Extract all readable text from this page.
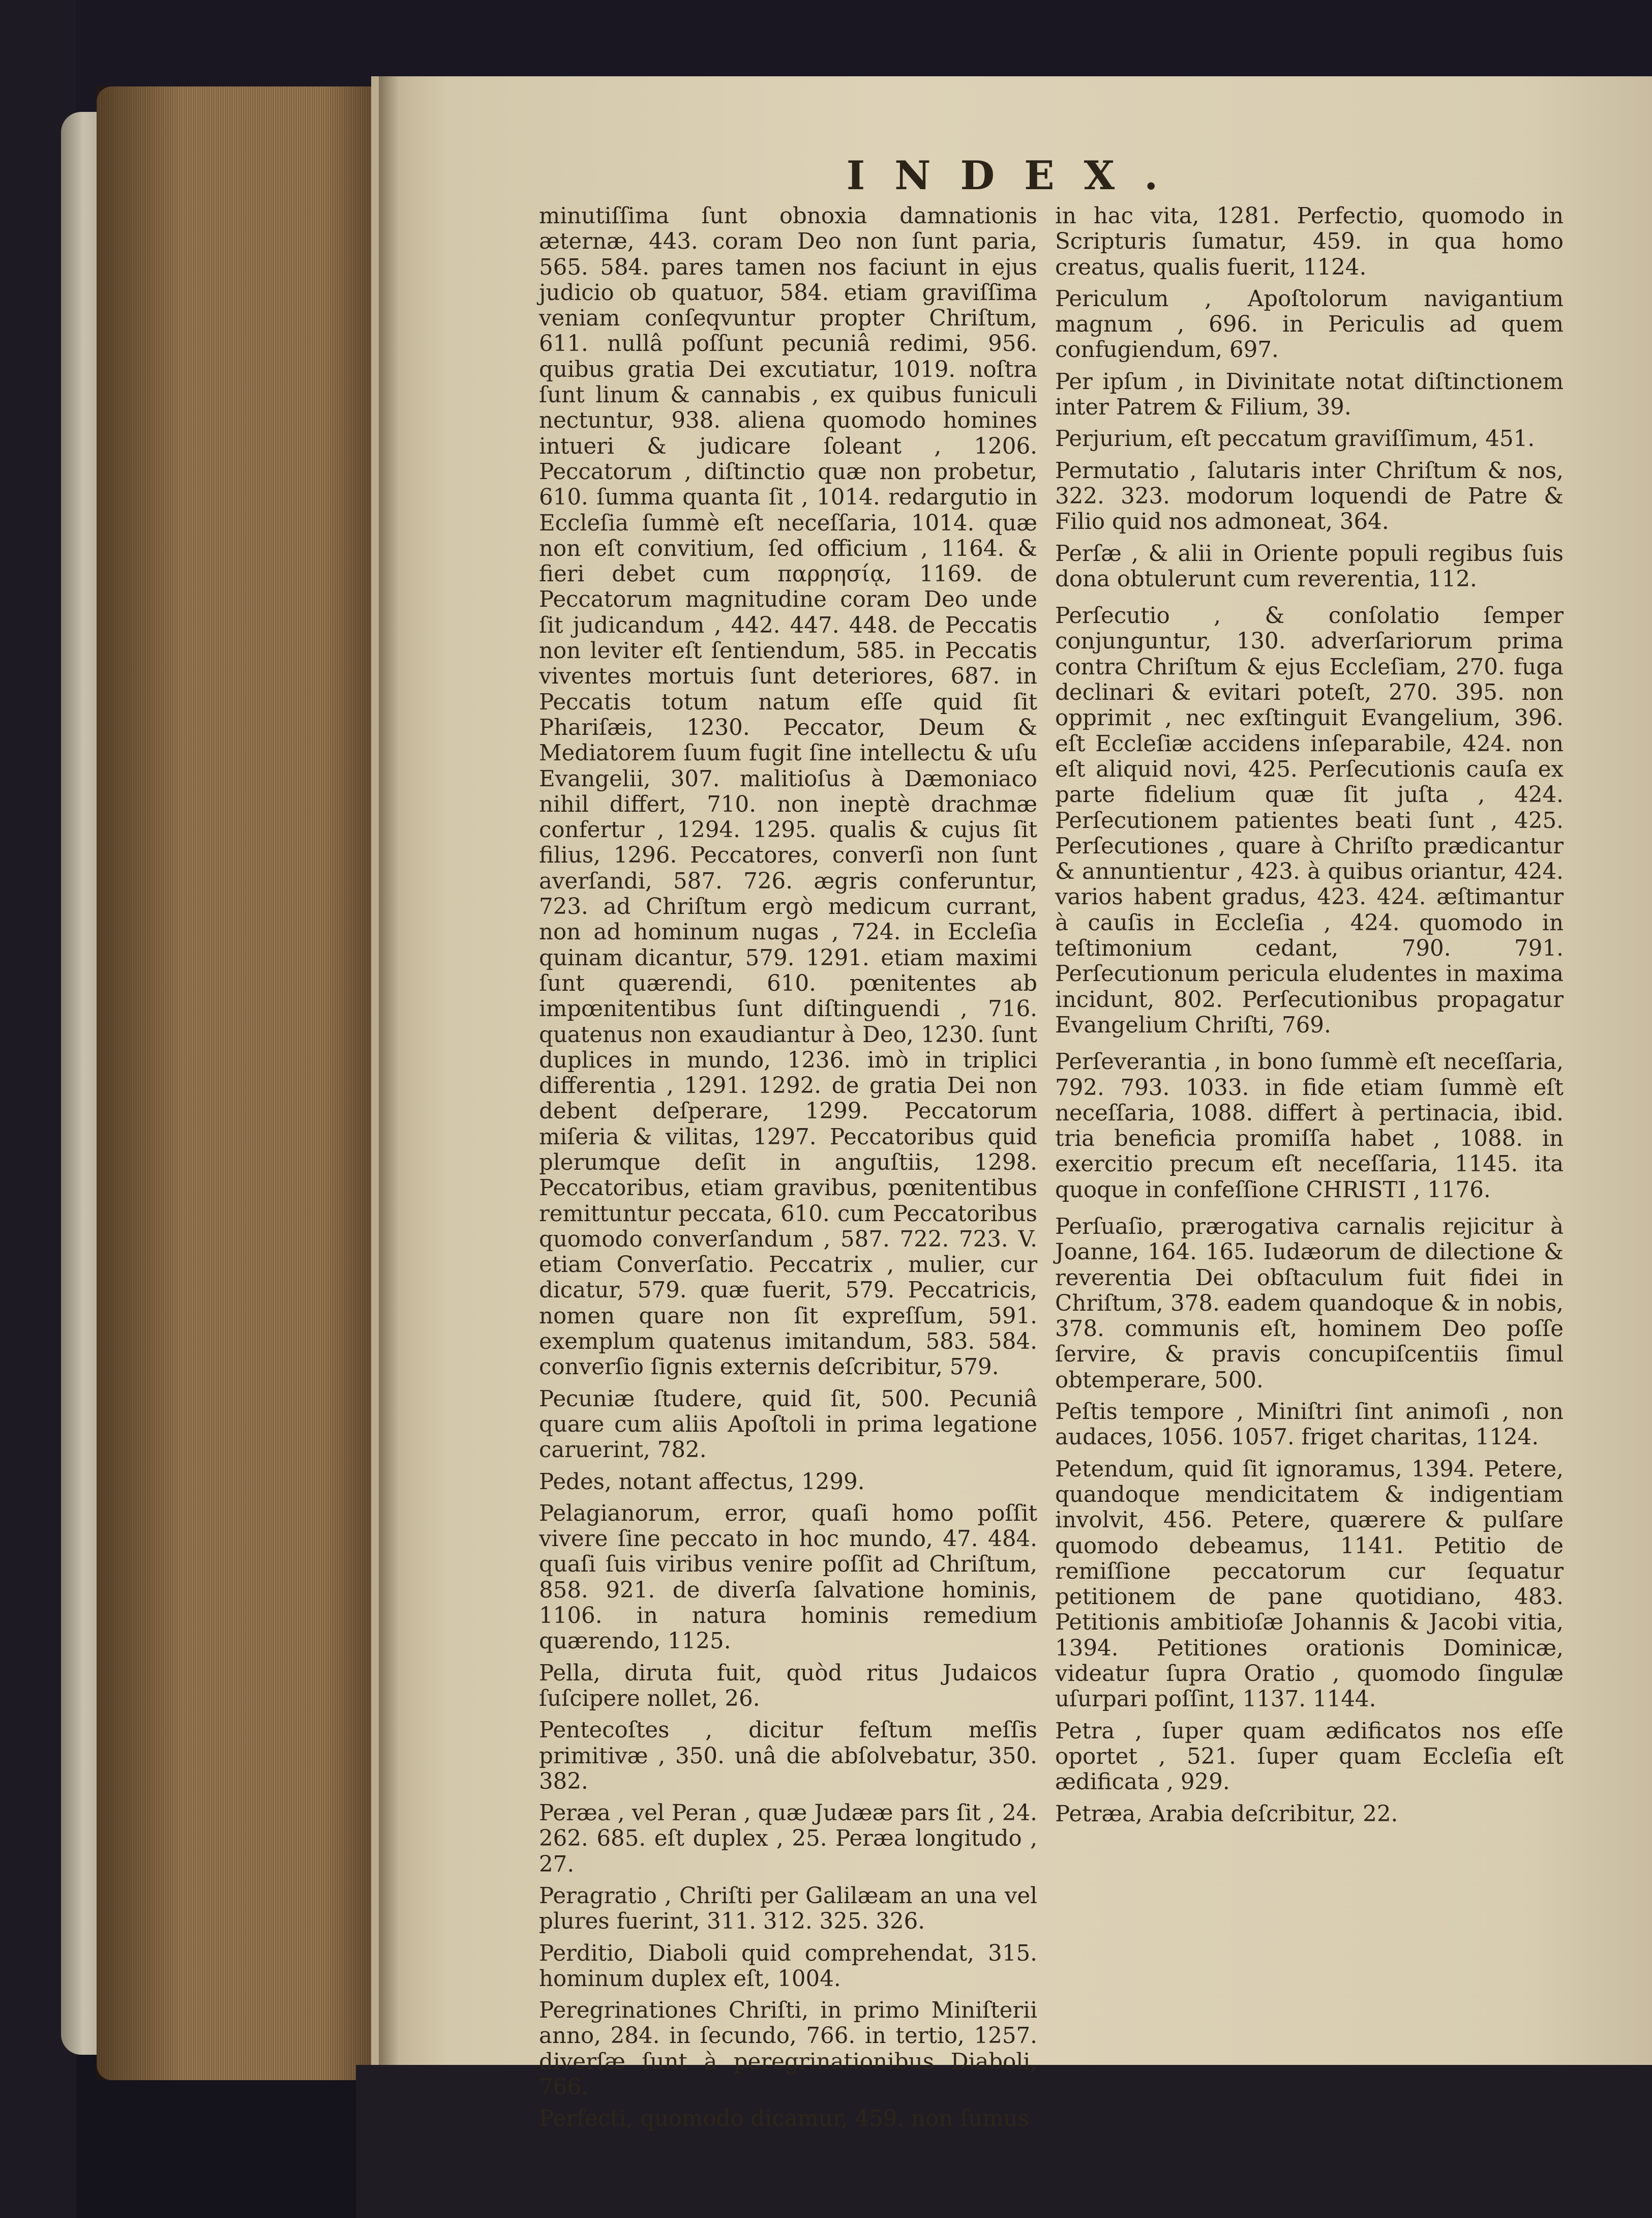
INDEX.

minutiſſima ſunt obnoxia damnationis æternæ, 443. coram Deo non ſunt paria, 565. 584. pares tamen nos faciunt in ejus judicio ob quatuor, 584. etiam graviſſima veniam conſeqvuntur propter Chriſtum, 611. nullâ poſſunt pecuniâ redimi, 956. quibus gratia Dei excutiatur, 1019. noſtra ſunt linum & cannabis , ex quibus funiculi nectuntur, 938. aliena quomodo homines intueri & judicare ſoleant , 1206. Peccatorum , diſtinctio quæ non probetur, 610. ſumma quanta ſit , 1014. redargutio in Eccleſia ſummè eſt neceſſaria, 1014. quæ non eſt convitium, ſed officium , 1164. & fieri debet cum παρρησίᾳ, 1169. de Peccatorum magnitudine coram Deo unde ſit judicandum , 442. 447. 448. de Peccatis non leviter eſt ſentiendum, 585. in Peccatis viventes mortuis ſunt deteriores, 687. in Peccatis totum natum eſſe quid ſit Phariſæis, 1230. Peccator, Deum & Mediatorem ſuum fugit ſine intellectu & uſu Evangelii, 307. malitioſus à Dæmoniaco nihil differt, 710. non ineptè drachmæ confertur , 1294. 1295. qualis & cujus ſit filius, 1296. Peccatores, converſi non ſunt averſandi, 587. 726. ægris conferuntur, 723. ad Chriſtum ergò medicum currant, non ad hominum nugas , 724. in Eccleſia quinam dicantur, 579. 1291. etiam maximi ſunt quærendi, 610. pœnitentes ab impœnitentibus ſunt diſtinguendi , 716. quatenus non exaudiantur à Deo, 1230. ſunt duplices in mundo, 1236. imò in triplici differentia , 1291. 1292. de gratia Dei non debent deſperare, 1299. Peccatorum miſeria & vilitas, 1297. Peccatoribus quid plerumque deſit in anguſtiis, 1298. Peccatoribus, etiam gravibus, pœnitentibus remittuntur peccata, 610. cum Peccatoribus quomodo converſandum , 587. 722. 723. V. etiam Converſatio. Peccatrix , mulier, cur dicatur, 579. quæ fuerit, 579. Peccatricis, nomen quare non ſit expreſſum, 591. exemplum quatenus imitandum, 583. 584. converſio ſignis externis deſcribitur, 579.

Pecuniæ ſtudere, quid ſit, 500. Pecuniâ quare cum aliis Apoſtoli in prima legatione caruerint, 782.

Pedes, notant affectus, 1299.

Pelagianorum, error, quaſi homo poſſit vivere ſine peccato in hoc mundo, 47. 484. quaſi ſuis viribus venire poſſit ad Chriſtum, 858. 921. de diverſa ſalvatione hominis, 1106. in natura hominis remedium quærendo, 1125.

Pella, diruta fuit, quòd ritus Judaicos ſuſcipere nollet, 26.

Pentecoſtes , dicitur feſtum meſſis primitivæ , 350. unâ die abſolvebatur, 350. 382.

Peræa , vel Peran , quæ Judææ pars ſit , 24. 262. 685. eſt duplex , 25. Peræa longitudo , 27.

Peragratio , Chriſti per Galilæam an una vel plures fuerint, 311. 312. 325. 326.

Perditio, Diaboli quid comprehendat, 315. hominum duplex eſt, 1004.

Peregrinationes Chriſti, in primo Miniſterii anno, 284. in ſecundo, 766. in tertio, 1257. diverſæ ſunt à peregrinationibus Diaboli, 766.

Perfecti, quomodo dicamur, 459. non ſumus

in hac vita, 1281. Perfectio, quomodo in Scripturis ſumatur, 459. in qua homo creatus, qualis fuerit, 1124.

Periculum , Apoſtolorum navigantium magnum , 696. in Periculis ad quem confugiendum, 697.

Per ipſum , in Divinitate notat diſtinctionem inter Patrem & Filium, 39.

Perjurium, eſt peccatum graviſſimum, 451.

Permutatio , ſalutaris inter Chriſtum & nos, 322. 323. modorum loquendi de Patre & Filio quid nos admoneat, 364.

Perſæ , & alii in Oriente populi regibus ſuis dona obtulerunt cum reverentia, 112.

Perſecutio , & conſolatio ſemper conjunguntur, 130. adverſariorum prima contra Chriſtum & ejus Eccleſiam, 270. fuga declinari & evitari poteſt, 270. 395. non opprimit , nec exſtinguit Evangelium, 396. eſt Eccleſiæ accidens inſeparabile, 424. non eſt aliquid novi, 425. Perſecutionis cauſa ex parte fidelium quæ ſit juſta , 424. Perſecutionem patientes beati ſunt , 425. Perſecutiones , quare à Chriſto prædicantur & annuntientur , 423. à quibus oriantur, 424. varios habent gradus, 423. 424. æſtimantur à cauſis in Eccleſia , 424. quomodo in teſtimonium cedant, 790. 791. Perſecutionum pericula eludentes in maxima incidunt, 802. Perſecutionibus propagatur Evangelium Chriſti, 769.

Perſeverantia , in bono ſummè eſt neceſſaria, 792. 793. 1033. in fide etiam ſummè eſt neceſſaria, 1088. differt à pertinacia, ibid. tria beneficia promiſſa habet , 1088. in exercitio precum eſt neceſſaria, 1145. ita quoque in confeſſione CHRISTI , 1176.

Perſuaſio, prærogativa carnalis rejicitur à Joanne, 164. 165. Iudæorum de dilectione & reverentia Dei obſtaculum fuit fidei in Chriſtum, 378. eadem quandoque & in nobis, 378. communis eſt, hominem Deo poſſe ſervire, & pravis concupiſcentiis ſimul obtemperare, 500.

Peſtis tempore , Miniſtri ſint animoſi , non audaces, 1056. 1057. friget charitas, 1124.

Petendum, quid ſit ignoramus, 1394. Petere, quandoque mendicitatem & indigentiam involvit, 456. Petere, quærere & pulſare quomodo debeamus, 1141. Petitio de remiſſione peccatorum cur ſequatur petitionem de pane quotidiano, 483. Petitionis ambitioſæ Johannis & Jacobi vitia, 1394. Petitiones orationis Dominicæ, videatur ſupra Oratio , quomodo ſingulæ uſurpari poſſint, 1137. 1144.

Petra , ſuper quam ædificatos nos eſſe oportet , 521. ſuper quam Eccleſia eſt ædificata , 929.

Petræa, Arabia deſcribitur, 22.
